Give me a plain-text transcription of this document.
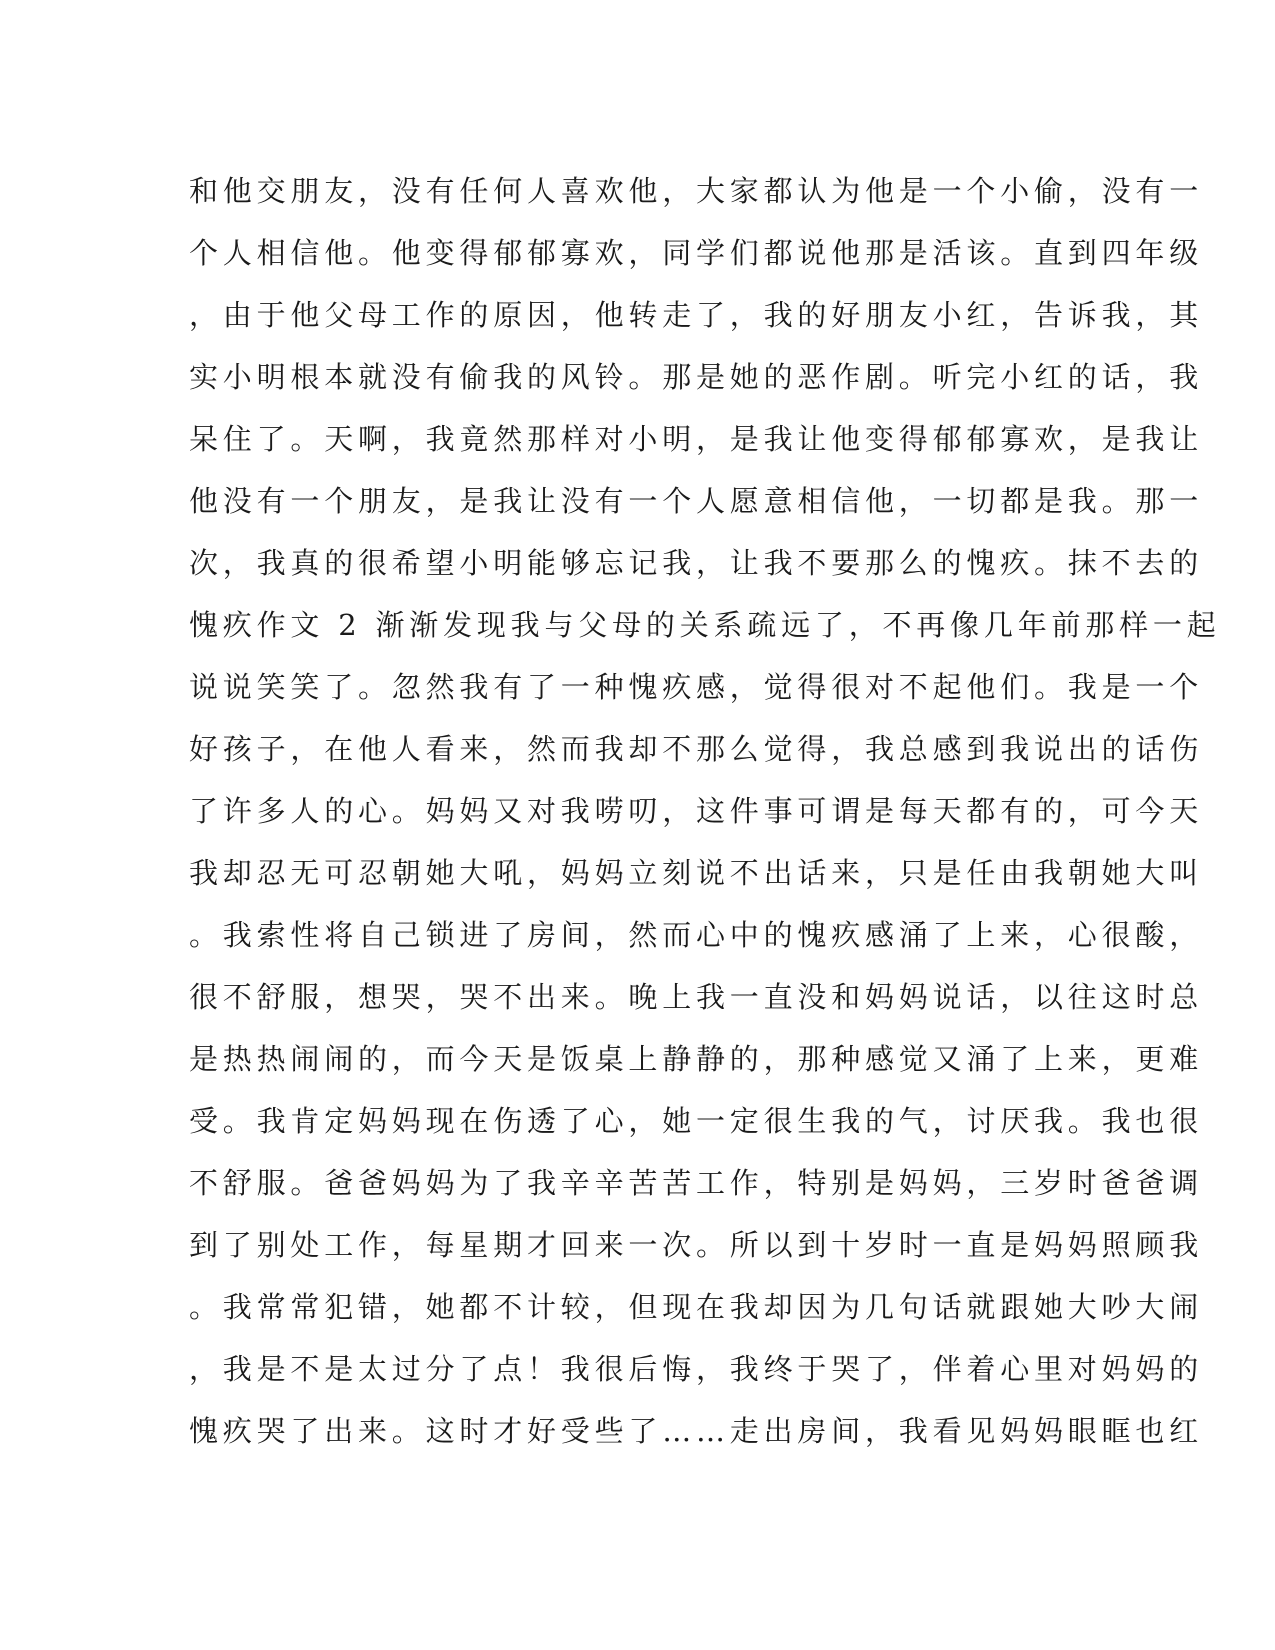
和他交朋友，没有任何人喜欢他，大家都认为他是一个小偷，没有一
个人相信他。他变得郁郁寡欢，同学们都说他那是活该。直到四年级
，由于他父母工作的原因，他转走了，我的好朋友小红，告诉我，其
实小明根本就没有偷我的风铃。那是她的恶作剧。听完小红的话，我
呆住了。天啊，我竟然那样对小明，是我让他变得郁郁寡欢，是我让
他没有一个朋友，是我让没有一个人愿意相信他，一切都是我。那一
次，我真的很希望小明能够忘记我，让我不要那么的愧疚。抹不去的
愧疚作文 2 渐渐发现我与父母的关系疏远了，不再像几年前那样一起
说说笑笑了。忽然我有了一种愧疚感，觉得很对不起他们。我是一个
好孩子，在他人看来，然而我却不那么觉得，我总感到我说出的话伤
了许多人的心。妈妈又对我唠叨，这件事可谓是每天都有的，可今天
我却忍无可忍朝她大吼，妈妈立刻说不出话来，只是任由我朝她大叫
。我索性将自己锁进了房间，然而心中的愧疚感涌了上来，心很酸，
很不舒服，想哭，哭不出来。晚上我一直没和妈妈说话，以往这时总
是热热闹闹的，而今天是饭桌上静静的，那种感觉又涌了上来，更难
受。我肯定妈妈现在伤透了心，她一定很生我的气，讨厌我。我也很
不舒服。爸爸妈妈为了我辛辛苦苦工作，特别是妈妈，三岁时爸爸调
到了别处工作，每星期才回来一次。所以到十岁时一直是妈妈照顾我
。我常常犯错，她都不计较，但现在我却因为几句话就跟她大吵大闹
，我是不是太过分了点！我很后悔，我终于哭了，伴着心里对妈妈的
愧疚哭了出来。这时才好受些了……走出房间，我看见妈妈眼眶也红
